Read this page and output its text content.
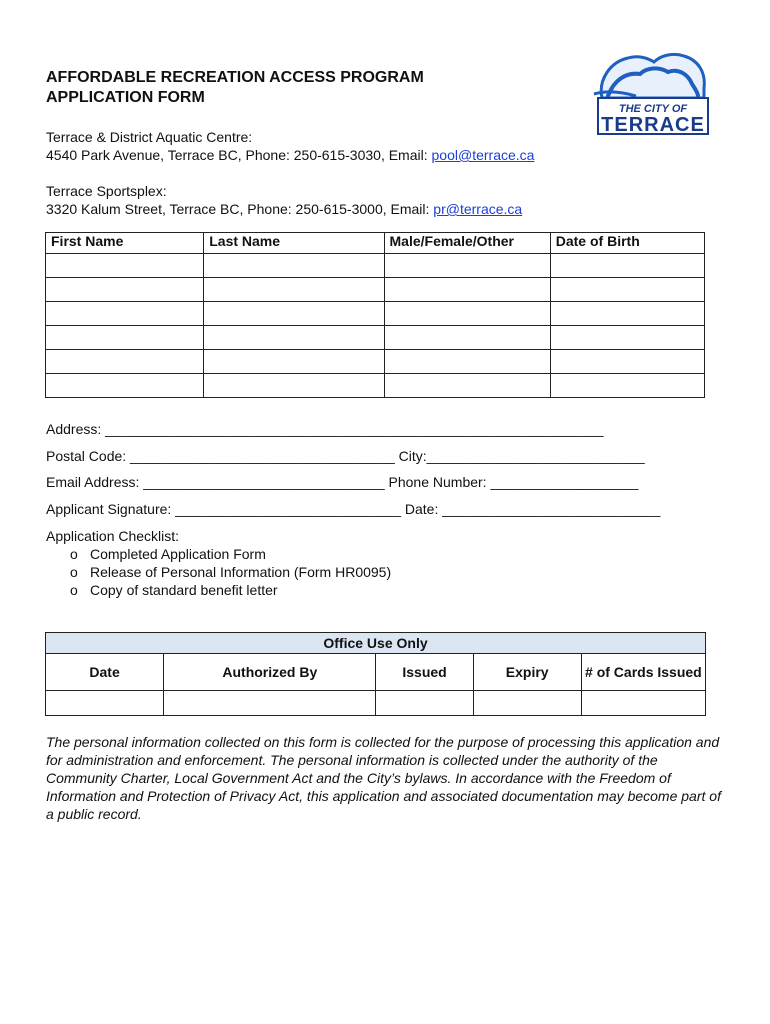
AFFORDABLE RECREATION ACCESS PROGRAM
APPLICATION FORM
THE CITY OF
TERRACE
Terrace & District Aquatic Centre:
4540 Park Avenue, Terrace BC, Phone: 250-615-3030, Email: pool@terrace.ca
Terrace Sportsplex:
3320 Kalum Street, Terrace BC, Phone: 250-615-3000, Email: pr@terrace.ca
First Name	Last Name	Male/Female/Other	Date of Birth

Address: ________________________________________________________________
Postal Code: __________________________________ City:____________________________
Email Address: _______________________________ Phone Number: ___________________
Applicant Signature: _____________________________ Date: ____________________________
Application Checklist:
o Completed Application Form
o Release of Personal Information (Form HR0095)
o Copy of standard benefit letter
Office Use Only				
Date	Authorized By	Issued	Expiry	# of Cards Issued

The personal information collected on this form is collected for the purpose of processing this application and for administration and enforcement. The personal information is collected under the authority of the Community Charter, Local Government Act and the City’s bylaws. In accordance with the Freedom of Information and Protection of Privacy Act, this application and associated documentation may become part of a public record.
